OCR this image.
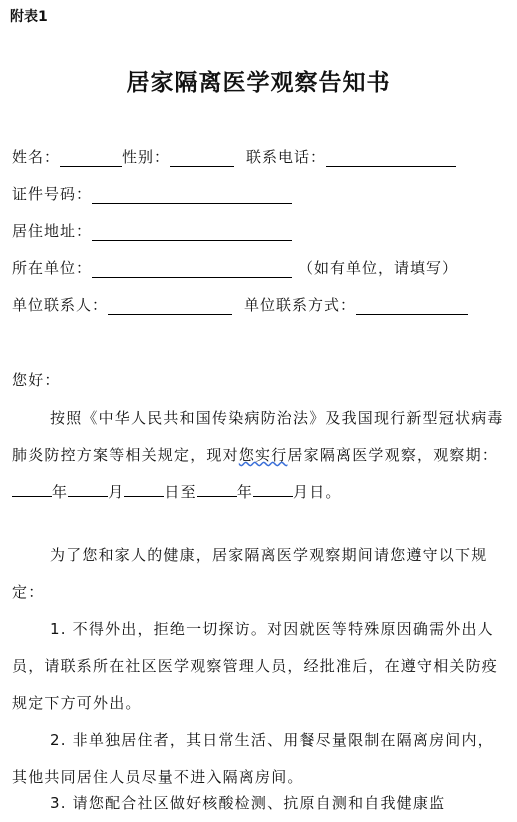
附表1
居家隔离医学观察告知书
姓名：	性别：	联系电话：
证件号码：
居住地址：
所在单位：	（如有单位，请填写）
单位联系人：	单位联系方式：
您好：
按照《中华人民共和国传染病防治法》及我国现行新型冠状病毒肺炎防控方案等相关规定，现对您实行居家隔离医学观察，观察期：年	月	日至	年	月日。
为了您和家人的健康，居家隔离医学观察期间请您遵守以下规定：
1. 不得外出，拒绝一切探访。对因就医等特殊原因确需外出人员，请联系所在社区医学观察管理人员，经批准后，在遵守相关防疫规定下方可外出。
2. 非单独居住者，其日常生活、用餐尽量限制在隔离房间内，其他共同居住人员尽量不进入隔离房间。
3. 请您配合社区做好核酸检测、抗原自测和自我健康监
